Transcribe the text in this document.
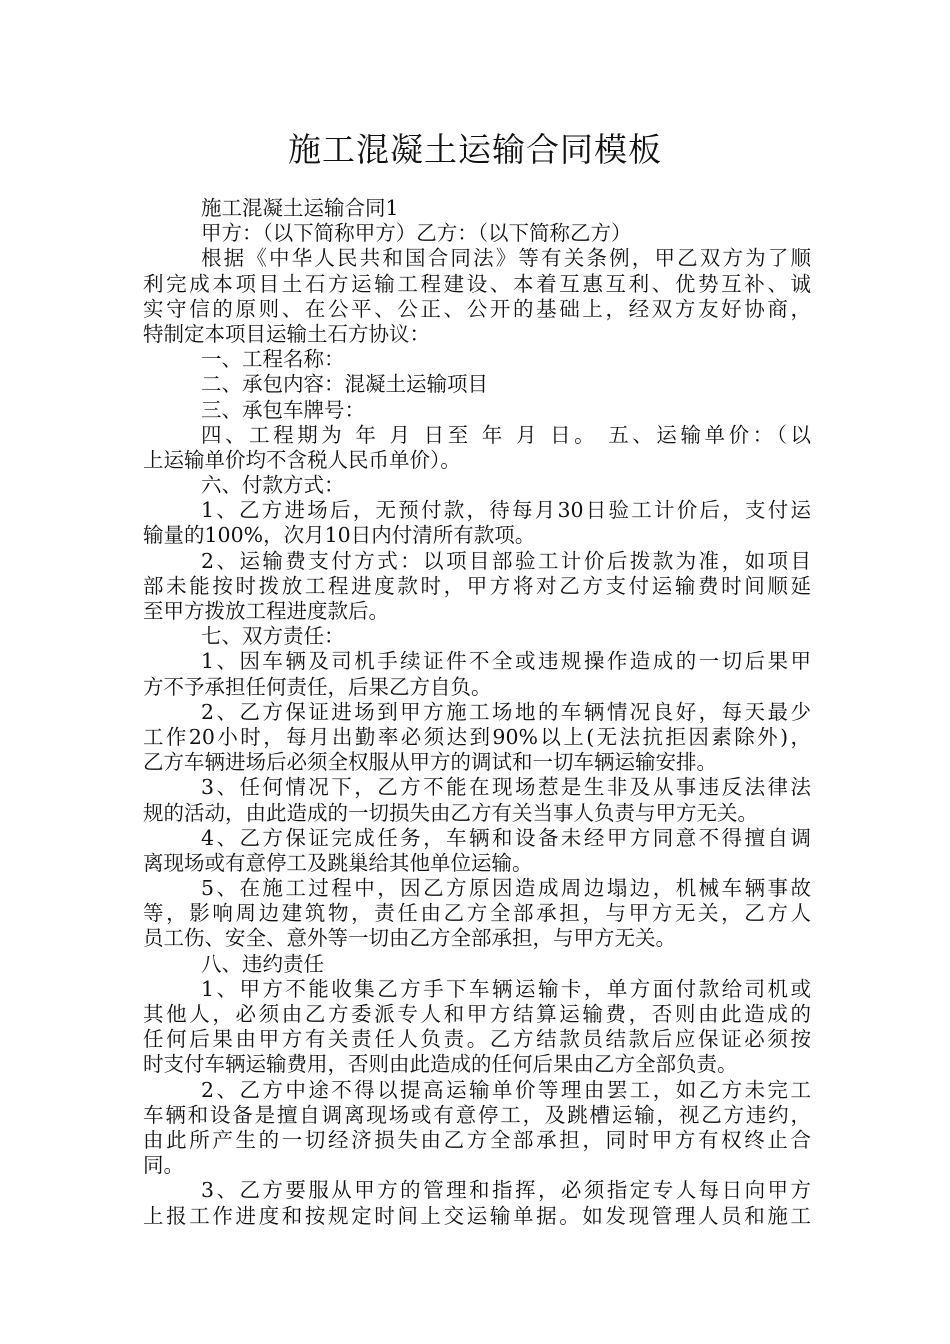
施工混凝土运输合同模板
施工混凝土运输合同1
甲方：（以下简称甲方）乙方：（以下简称乙方）
根据《中华人民共和国合同法》等有关条例，甲乙双方为了顺
利完成本项目土石方运输工程建设、本着互惠互利、优势互补、诚
实守信的原则、在公平、公正、公开的基础上，经双方友好协商，
特制定本项目运输土石方协议：
一、工程名称：
二、承包内容：混凝土运输项目
三、承包车牌号：
四、工程期为 年 月 日至 年 月 日。 五、运输单价：（以
上运输单价均不含税人民币单价）。
六、付款方式：
1、乙方进场后，无预付款，待每月30日验工计价后，支付运
输量的100%，次月10日内付清所有款项。
2、运输费支付方式：以项目部验工计价后拨款为准，如项目
部未能按时拨放工程进度款时，甲方将对乙方支付运输费时间顺延
至甲方拨放工程进度款后。
七、双方责任：
1、因车辆及司机手续证件不全或违规操作造成的一切后果甲
方不予承担任何责任，后果乙方自负。
2、乙方保证进场到甲方施工场地的车辆情况良好，每天最少
工作20小时，每月出勤率必须达到90%以上(无法抗拒因素除外)，
乙方车辆进场后必须全权服从甲方的调试和一切车辆运输安排。
3、任何情况下，乙方不能在现场惹是生非及从事违反法律法
规的活动，由此造成的一切损失由乙方有关当事人负责与甲方无关。
4、乙方保证完成任务，车辆和设备未经甲方同意不得擅自调
离现场或有意停工及跳巢给其他单位运输。
5、在施工过程中，因乙方原因造成周边塌边，机械车辆事故
等，影响周边建筑物，责任由乙方全部承担，与甲方无关，乙方人
员工伤、安全、意外等一切由乙方全部承担，与甲方无关。
八、违约责任
1、甲方不能收集乙方手下车辆运输卡，单方面付款给司机或
其他人，必须由乙方委派专人和甲方结算运输费，否则由此造成的
任何后果由甲方有关责任人负责。乙方结款员结款后应保证必须按
时支付车辆运输费用，否则由此造成的任何后果由乙方全部负责。
2、乙方中途不得以提高运输单价等理由罢工，如乙方未完工
车辆和设备是擅自调离现场或有意停工，及跳槽运输，视乙方违约，
由此所产生的一切经济损失由乙方全部承担，同时甲方有权终止合
同。
3、乙方要服从甲方的管理和指挥，必须指定专人每日向甲方
上报工作进度和按规定时间上交运输单据。如发现管理人员和施工
